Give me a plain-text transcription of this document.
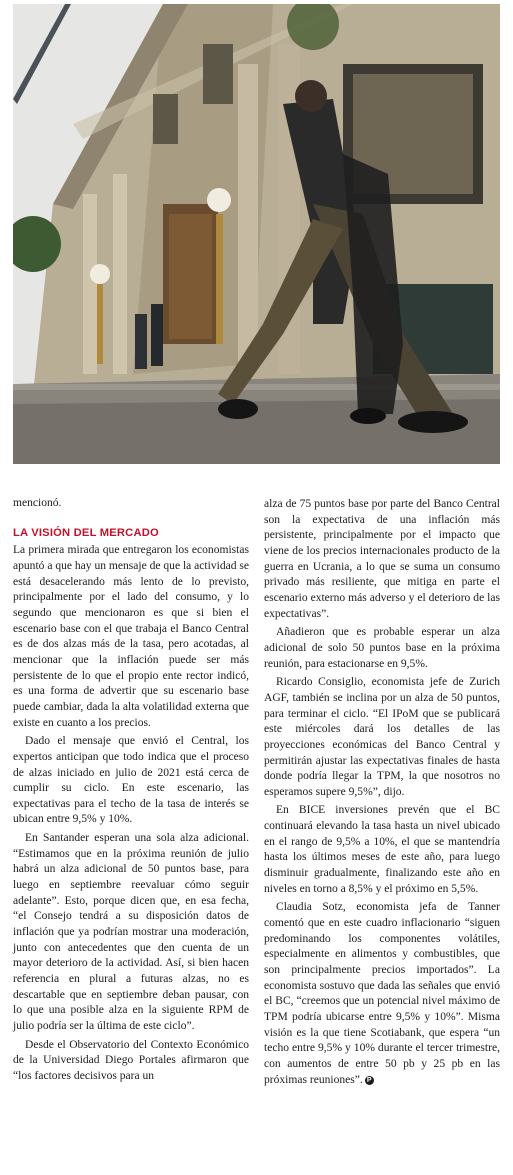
mencionó.

LA VISIÓN DEL MERCADO

La primera mirada que entregaron los economistas apuntó a que hay un mensaje de que la actividad se está desacelerando más lento de lo previsto, principalmente por el lado del consumo, y lo segundo que mencionaron es que si bien el escenario base con el que trabaja el Banco Central es de dos alzas más de la tasa, pero acotadas, al mencionar que la inflación puede ser más persistente de lo que el propio ente rector indicó, es una forma de advertir que su escenario base puede cambiar, dada la alta volatilidad externa que existe en cuanto a los precios.

Dado el mensaje que envió el Central, los expertos anticipan que todo indica que el proceso de alzas iniciado en julio de 2021 está cerca de cumplir su ciclo. En este escenario, las expectativas para el techo de la tasa de interés se ubican entre 9,5% y 10%.

En Santander esperan una sola alza adicional. “Estimamos que en la próxima reunión de julio habrá un alza adicional de 50 puntos base, para luego en septiembre reevaluar cómo seguir adelante”. Esto, porque dicen que, en esa fecha, “el Consejo tendrá a su disposición datos de inflación que ya podrían mostrar una moderación, junto con antecedentes que den cuenta de un mayor deterioro de la actividad. Así, si bien hacen referencia en plural a futuras alzas, no es descartable que en septiembre deban pausar, con lo que una posible alza en la siguiente RPM de julio podría ser la última de este ciclo”.

Desde el Observatorio del Contexto Económico de la Universidad Diego Portales afirmaron que “los factores decisivos para un

alza de 75 puntos base por parte del Banco Central son la expectativa de una inflación más persistente, principalmente por el impacto que viene de los precios internacionales producto de la guerra en Ucrania, a lo que se suma un consumo privado más resiliente, que mitiga en parte el escenario externo más adverso y el deterioro de las expectativas”.

Añadieron que es probable esperar un alza adicional de solo 50 puntos base en la próxima reunión, para estacionarse en 9,5%.

Ricardo Consiglio, economista jefe de Zurich AGF, también se inclina por un alza de 50 puntos, para terminar el ciclo. “El IPoM que se publicará este miércoles dará los detalles de las proyecciones económicas del Banco Central y permitirán ajustar las expectativas finales de hasta donde podría llegar la TPM, la que nosotros no esperamos supere 9,5%”, dijo.

En BICE inversiones prevén que el BC continuará elevando la tasa hasta un nivel ubicado en el rango de 9,5% a 10%, el que se mantendría hasta los últimos meses de este año, para luego disminuir gradualmente, finalizando este año en niveles en torno a 8,5% y el próximo en 5,5%.

Claudia Sotz, economista jefa de Tanner comentó que en este cuadro inflacionario “siguen predominando los componentes volátiles, especialmente en alimentos y combustibles, que son principalmente precios importados”. La economista sostuvo que dada las señales que envió el BC, “creemos que un potencial nivel máximo de TPM podría ubicarse entre 9,5% y 10%”. Misma visión es la que tiene Scotiabank, que espera “un techo entre 9,5% y 10% durante el tercer trimestre, con aumentos de entre 50 pb y 25 pb en las próximas reuniones”. P
